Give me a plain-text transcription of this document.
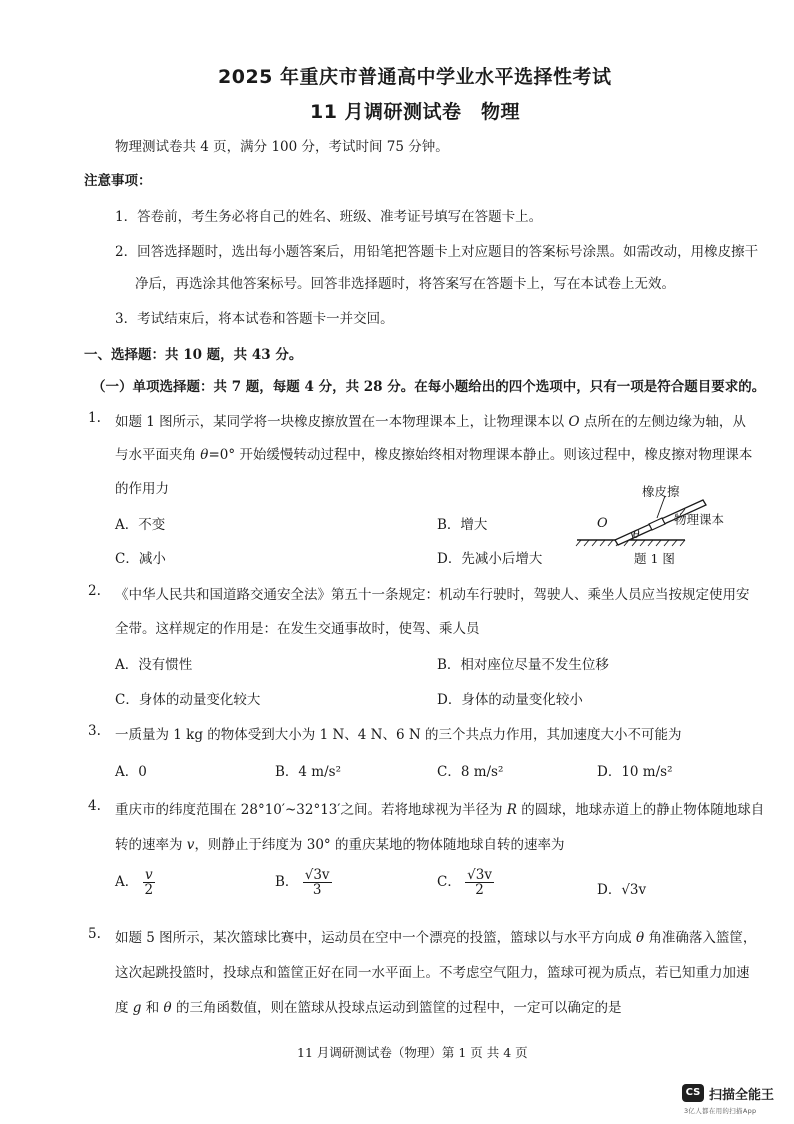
2025 年重庆市普通高中学业水平选择性考试
11 月调研测试卷　物理
物理测试卷共 4 页，满分 100 分，考试时间 75 分钟。
注意事项：
1．答卷前，考生务必将自己的姓名、班级、准考证号填写在答题卡上。
2．回答选择题时，选出每小题答案后，用铅笔把答题卡上对应题目的答案标号涂黑。如需改动，用橡皮擦干
净后，再选涂其他答案标号。回答非选择题时，将答案写在答题卡上，写在本试卷上无效。
3．考试结束后，将本试卷和答题卡一并交回。
一、选择题：共 10 题，共 43 分。
（一）单项选择题：共 7 题，每题 4 分，共 28 分。在每小题给出的四个选项中，只有一项是符合题目要求的。
1. 如题 1 图所示，某同学将一块橡皮擦放置在一本物理课本上，让物理课本以 O 点所在的左侧边缘为轴，从
与水平面夹角 θ=0° 开始缓慢转动过程中，橡皮擦始终相对物理课本静止。则该过程中，橡皮擦对物理课本
的作用力
A．不变	B．增大
C．减小	D．先减小后增大
橡皮擦
物理课本
O
θ
题 1 图
2. 《中华人民共和国道路交通安全法》第五十一条规定：机动车行驶时，驾驶人、乘坐人员应当按规定使用安
全带。这样规定的作用是：在发生交通事故时，使驾、乘人员
A．没有惯性	B．相对座位尽量不发生位移
C．身体的动量变化较大	D．身体的动量变化较小
3. 一质量为 1 kg 的物体受到大小为 1 N、4 N、6 N 的三个共点力作用，其加速度大小不可能为
A．0	B．4 m/s²	C．8 m/s²	D．10 m/s²
4. 重庆市的纬度范围在 28°10′~32°13′之间。若将地球视为半径为 R 的圆球，地球赤道上的静止物体随地球自
转的速率为 v，则静止于纬度为 30° 的重庆某地的物体随地球自转的速率为
A． $\frac{v}{2}$	B． $\frac{√3v}{3}$	C． $\frac{√3v}{2}$	D．√3v
5. 如题 5 图所示，某次篮球比赛中，运动员在空中一个漂亮的投篮，篮球以与水平方向成 θ 角准确落入篮筐，
这次起跳投篮时，投球点和篮筐正好在同一水平面上。不考虑空气阻力，篮球可视为质点，若已知重力加速
度 g 和 θ 的三角函数值，则在篮球从投球点运动到篮筐的过程中，一定可以确定的是
11 月调研测试卷（物理）第 1 页 共 4 页
CS 扫描全能王
3亿人都在用的扫描App
